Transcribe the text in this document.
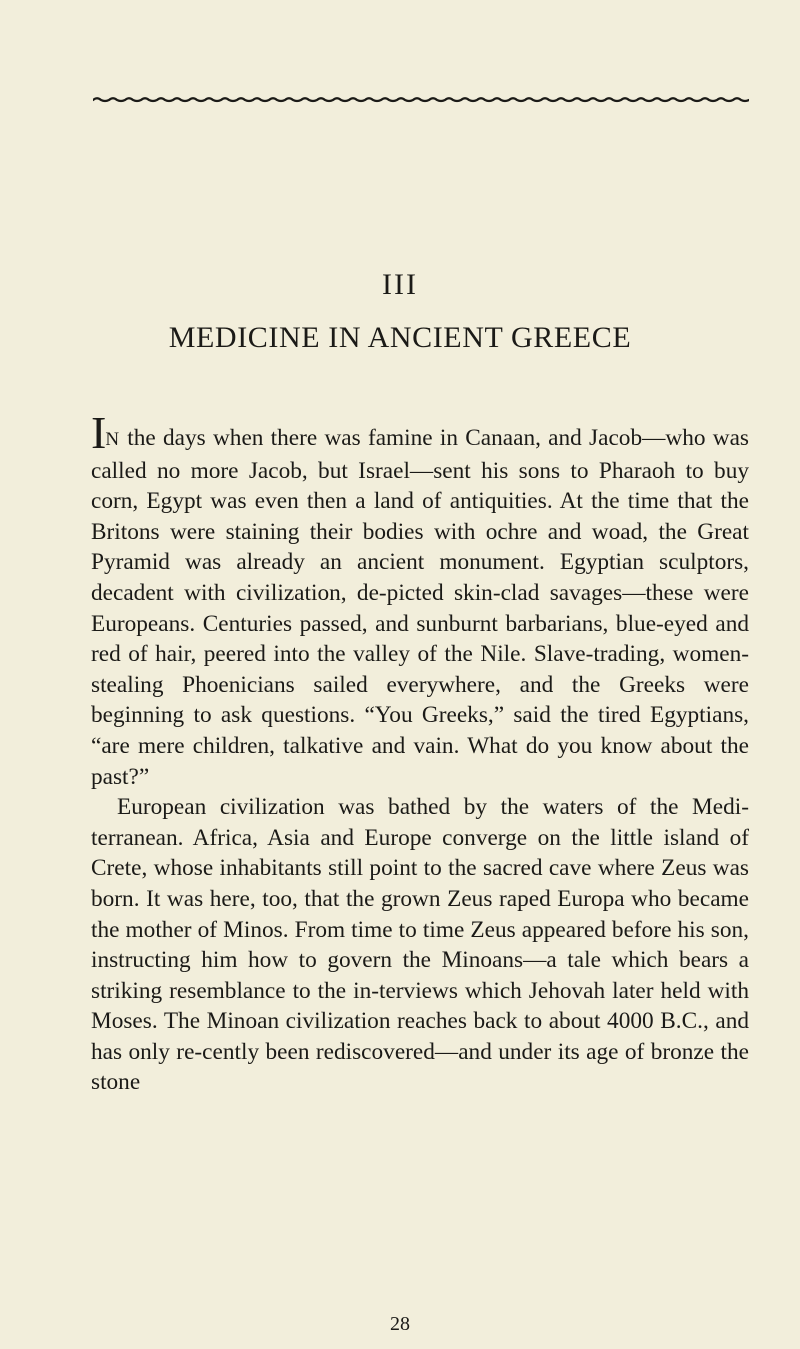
III
MEDICINE IN ANCIENT GREECE

IN the days when there was famine in Canaan, and Jacob—who was called no more Jacob, but Israel—sent his sons to Pharaoh to buy corn, Egypt was even then a land of antiquities. At the time that the Britons were staining their bodies with ochre and woad, the Great Pyramid was already an ancient monument. Egyptian sculptors, decadent with civilization, de-picted skin-clad savages—these were Europeans. Centuries passed, and sunburnt barbarians, blue-eyed and red of hair, peered into the valley of the Nile. Slave-trading, women-stealing Phoenicians sailed everywhere, and the Greeks were beginning to ask questions. “You Greeks,” said the tired Egyptians, “are mere children, talkative and vain. What do you know about the past?”

European civilization was bathed by the waters of the Medi-terranean. Africa, Asia and Europe converge on the little island of Crete, whose inhabitants still point to the sacred cave where Zeus was born. It was here, too, that the grown Zeus raped Europa who became the mother of Minos. From time to time Zeus appeared before his son, instructing him how to govern the Minoans—a tale which bears a striking resemblance to the in-terviews which Jehovah later held with Moses. The Minoan civilization reaches back to about 4000 B.C., and has only re-cently been rediscovered—and under its age of bronze the stone

28
